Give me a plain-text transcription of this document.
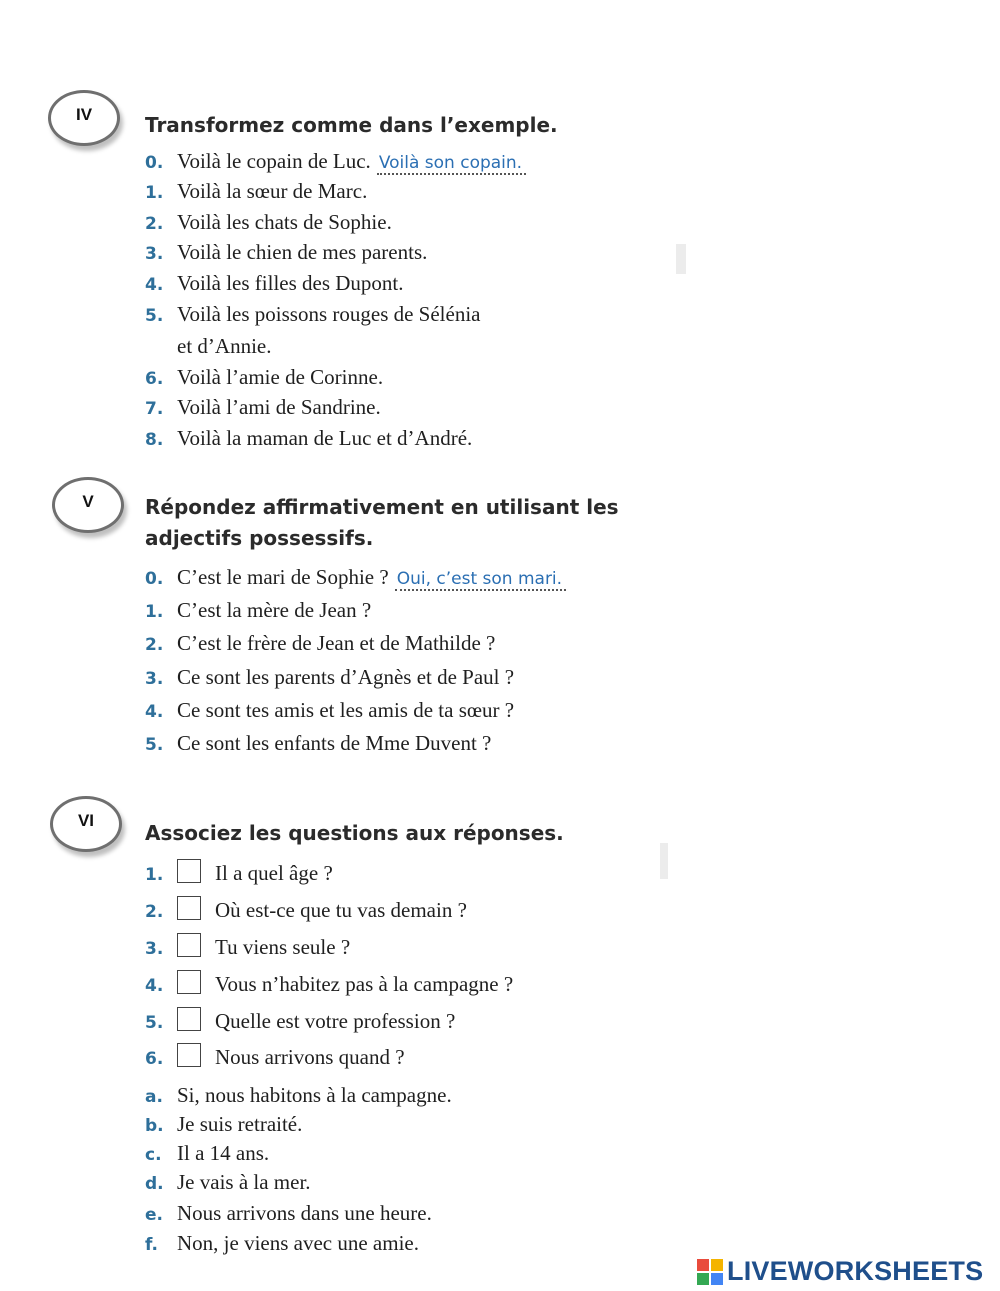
IV	Transformez comme dans l’exemple.
0. Voilà le copain de Luc. Voilà son copain.
1. Voilà la sœur de Marc.
2. Voilà les chats de Sophie.
3. Voilà le chien de mes parents.
4. Voilà les filles des Dupont.
5. Voilà les poissons rouges de Sélénia
et d’Annie.
6. Voilà l’amie de Corinne.
7. Voilà l’ami de Sandrine.
8. Voilà la maman de Luc et d’André.
V	Répondez affirmativement en utilisant les adjectifs possessifs.
0. C’est le mari de Sophie ? Oui, c’est son mari.
1. C’est la mère de Jean ?
2. C’est le frère de Jean et de Mathilde ?
3. Ce sont les parents d’Agnès et de Paul ?
4. Ce sont tes amis et les amis de ta sœur ?
5. Ce sont les enfants de Mme Duvent ?
VI
Associez les questions aux réponses.
1. Il a quel âge ?
2. Où est-ce que tu vas demain ?
3. Tu viens seule ?
4. Vous n’habitez pas à la campagne ?
5. Quelle est votre profession ?
6. Nous arrivons quand ?
a. Si, nous habitons à la campagne.
b. Je suis retraité.
c. Il a 14 ans.
d. Je vais à la mer.
e. Nous arrivons dans une heure.
f. Non, je viens avec une amie.
LIVEWORKSHEETS
